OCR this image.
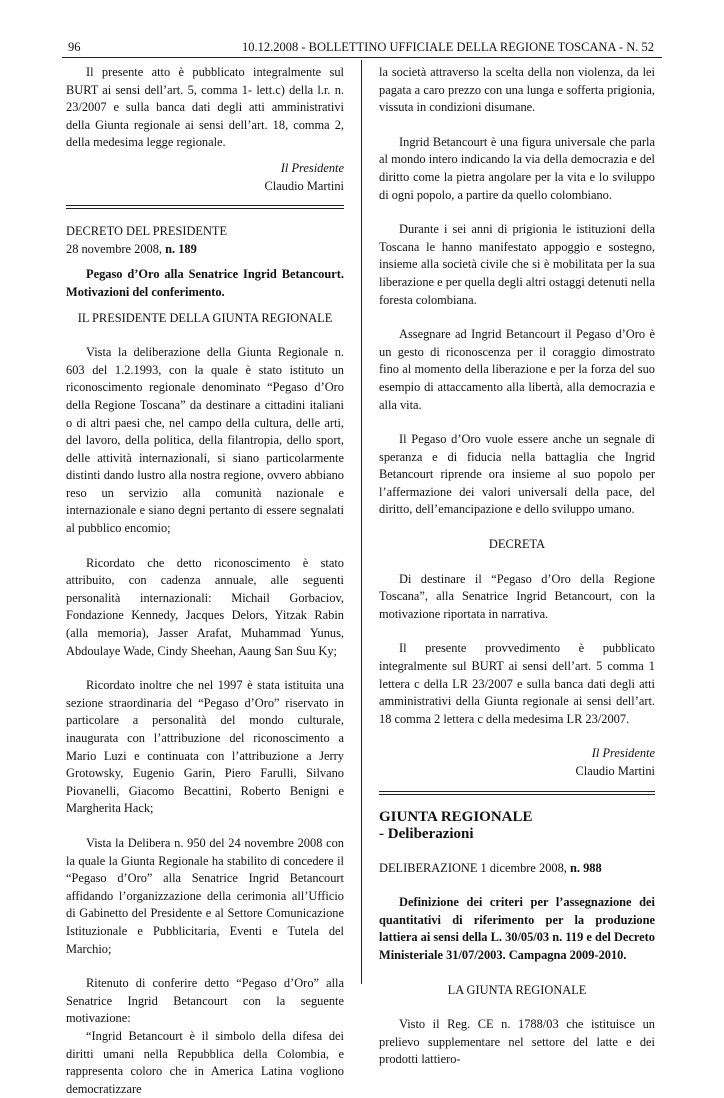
96	10.12.2008 - BOLLETTINO UFFICIALE DELLA REGIONE TOSCANA - N. 52

Il presente atto è pubblicato integralmente sul BURT ai sensi dell’art. 5, comma 1- lett.c) della l.r. n. 23/2007 e sulla banca dati degli atti amministrativi della Giunta regionale ai sensi dell’art. 18, comma 2, della medesima legge regionale.

Il Presidente

Claudio Martini

DECRETO DEL PRESIDENTE

28 novembre 2008, n. 189

Pegaso d’Oro alla Senatrice Ingrid Betancourt. Motivazioni del conferimento.

IL PRESIDENTE DELLA GIUNTA REGIONALE

Vista la deliberazione della Giunta Regionale n. 603 del 1.2.1993, con la quale è stato istituto un riconoscimento regionale denominato “Pegaso d’Oro della Regione Toscana” da destinare a cittadini italiani o di altri paesi che, nel campo della cultura, delle arti, del lavoro, della politica, della filantropia, dello sport, delle attività internazionali, si siano particolarmente distinti dando lustro alla nostra regione, ovvero abbiano reso un servizio alla comunità nazionale e internazionale e siano degni pertanto di essere segnalati al pubblico encomio;

Ricordato che detto riconoscimento è stato attribuito, con cadenza annuale, alle seguenti personalità internazionali: Michail Gorbaciov, Fondazione Kennedy, Jacques Delors, Yitzak Rabin (alla memoria), Jasser Arafat, Muhammad Yunus, Abdoulaye Wade, Cindy Sheehan, Aaung San Suu Ky;

Ricordato inoltre che nel 1997 è stata istituita una sezione straordinaria del “Pegaso d’Oro” riservato in particolare a personalità del mondo culturale, inaugurata con l’attribuzione del riconoscimento a Mario Luzi e continuata con l’attribuzione a Jerry Grotowsky, Eugenio Garin, Piero Farulli, Silvano Piovanelli, Giacomo Becattini, Roberto Benigni e Margherita Hack;

Vista la Delibera n. 950 del 24 novembre 2008 con la quale la Giunta Regionale ha stabilito di concedere il “Pegaso d’Oro” alla Senatrice Ingrid Betancourt affidando l’organizzazione della cerimonia all’Ufficio di Gabinetto del Presidente e al Settore Comunicazione Istituzionale e Pubblicitaria, Eventi e Tutela del Marchio;

Ritenuto di conferire detto “Pegaso d’Oro” alla Senatrice Ingrid Betancourt con la seguente motivazione:

“Ingrid Betancourt è il simbolo della difesa dei diritti umani nella Repubblica della Colombia, e rappresenta coloro che in America Latina vogliono democratizzare

la società attraverso la scelta della non violenza, da lei pagata a caro prezzo con una lunga e sofferta prigionia, vissuta in condizioni disumane.

Ingrid Betancourt è una figura universale che parla al mondo intero indicando la via della democrazia e del diritto come la pietra angolare per la vita e lo sviluppo di ogni popolo, a partire da quello colombiano.

Durante i sei anni di prigionia le istituzioni della Toscana le hanno manifestato appoggio e sostegno, insieme alla società civile che si è mobilitata per la sua liberazione e per quella degli altri ostaggi detenuti nella foresta colombiana.

Assegnare ad Ingrid Betancourt il Pegaso d’Oro è un gesto di riconoscenza per il coraggio dimostrato fino al momento della liberazione e per la forza del suo esempio di attaccamento alla libertà, alla democrazia e alla vita.

Il Pegaso d’Oro vuole essere anche un segnale di speranza e di fiducia nella battaglia che Ingrid Betancourt riprende ora insieme al suo popolo per l’affermazione dei valori universali della pace, del diritto, dell’emancipazione e dello sviluppo umano.

DECRETA

Di destinare il “Pegaso d’Oro della Regione Toscana”, alla Senatrice Ingrid Betancourt, con la motivazione riportata in narrativa.

Il presente provvedimento è pubblicato integralmente sul BURT ai sensi dell’art. 5 comma 1 lettera c della LR 23/2007 e sulla banca dati degli atti amministrativi della Giunta regionale ai sensi dell’art. 18 comma 2 lettera c della medesima LR 23/2007.

Il Presidente

Claudio Martini

GIUNTA REGIONALE

- Deliberazioni

DELIBERAZIONE 1 dicembre 2008, n. 988

Definizione dei criteri per l’assegnazione dei quantitativi di riferimento per la produzione lattiera ai sensi della L. 30/05/03 n. 119 e del Decreto Ministeriale 31/07/2003. Campagna 2009-2010.

LA GIUNTA REGIONALE

Visto il Reg. CE n. 1788/03 che istituisce un prelievo supplementare nel settore del latte e dei prodotti lattiero-
